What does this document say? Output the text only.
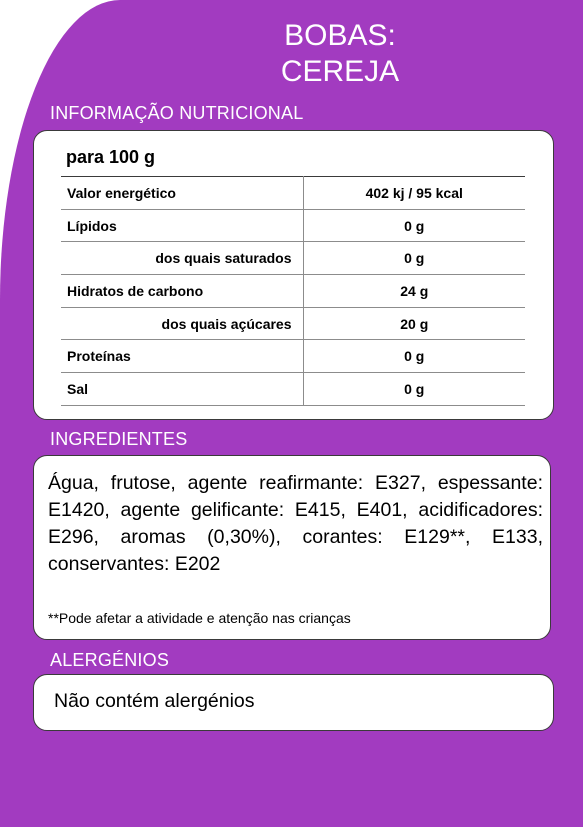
BOBAS:
CEREJA
INFORMAÇÃO NUTRICIONAL
para 100 g
Valor energético	402 kj / 95 kcal
Lípidos	0 g
dos quais saturados	0 g
Hidratos de carbono	24 g
dos quais açúcares	20 g
Proteínas	0 g
Sal	0 g
INGREDIENTES
Água, frutose, agente reafirmante: E327, espessante: E1420, agente gelificante: E415, E401, acidificadores: E296, aromas (0,30%), corantes: E129**, E133, conservantes: E202
**Pode afetar a atividade e atenção nas crianças
ALERGÉNIOS
Não contém alergénios
